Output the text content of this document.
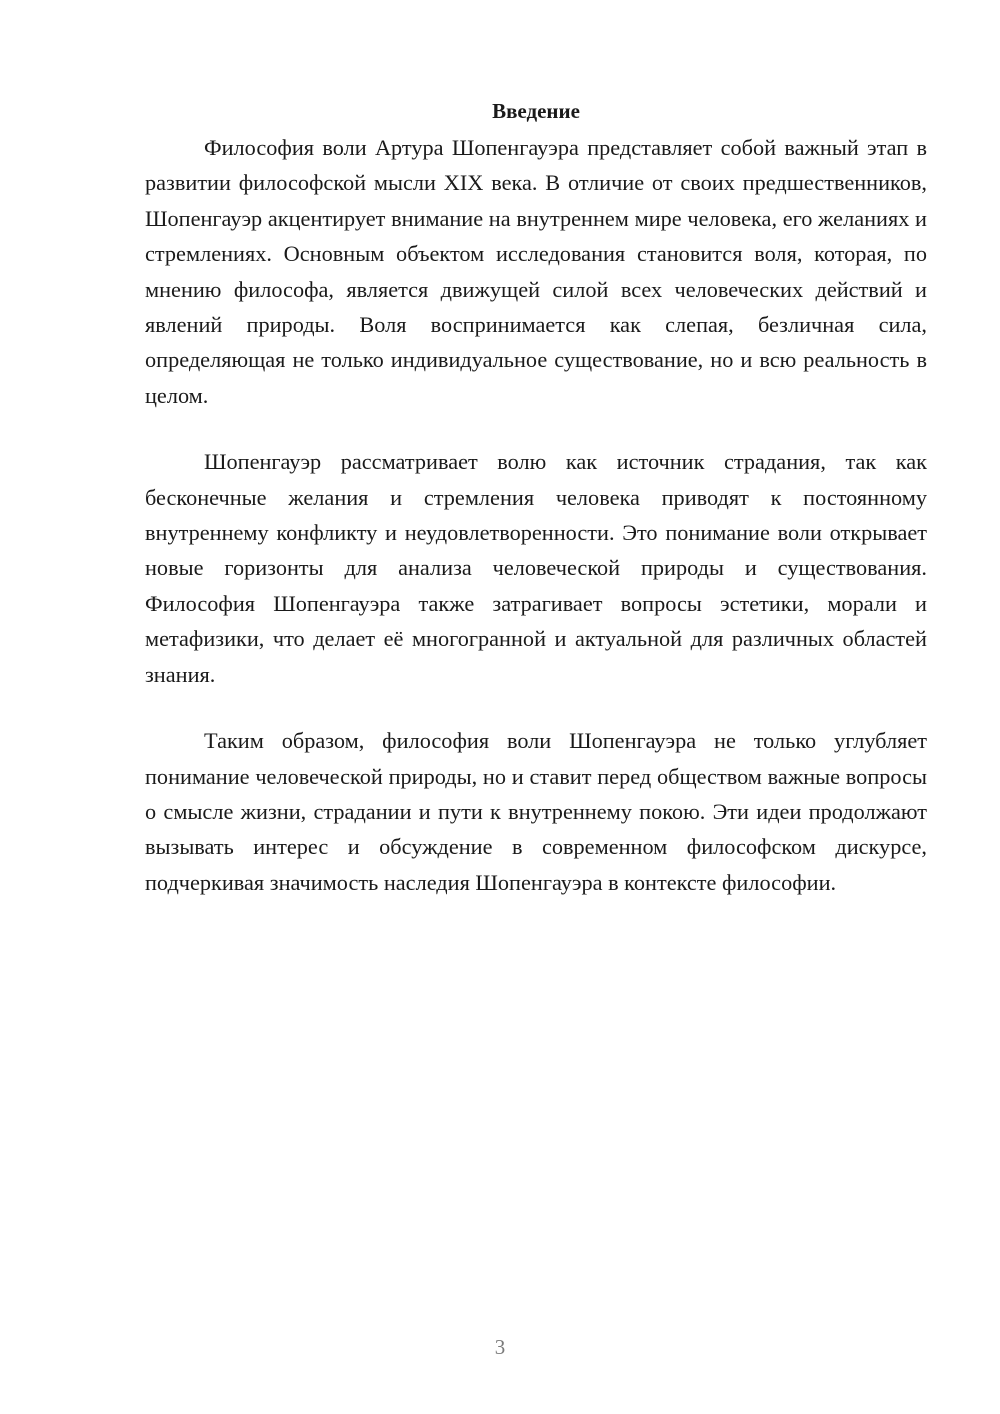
Введение

Философия воли Артура Шопенгауэра представляет собой важный этап в развитии философской мысли XIX века. В отличие от своих предшественников, Шопенгауэр акцентирует внимание на внутреннем мире человека, его желаниях и стремлениях. Основным объектом исследования становится воля, которая, по мнению философа, является движущей силой всех человеческих действий и явлений природы. Воля воспринимается как слепая, безличная сила, определяющая не только индивидуальное существование, но и всю реальность в целом.

Шопенгауэр рассматривает волю как источник страдания, так как бесконечные желания и стремления человека приводят к постоянному внутреннему конфликту и неудовлетворенности. Это понимание воли открывает новые горизонты для анализа человеческой природы и существования. Философия Шопенгауэра также затрагивает вопросы эстетики, морали и метафизики, что делает её многогранной и актуальной для различных областей знания.

Таким образом, философия воли Шопенгауэра не только углубляет понимание человеческой природы, но и ставит перед обществом важные вопросы о смысле жизни, страдании и пути к внутреннему покою. Эти идеи продолжают вызывать интерес и обсуждение в современном философском дискурсе, подчеркивая значимость наследия Шопенгауэра в контексте философии.

3
